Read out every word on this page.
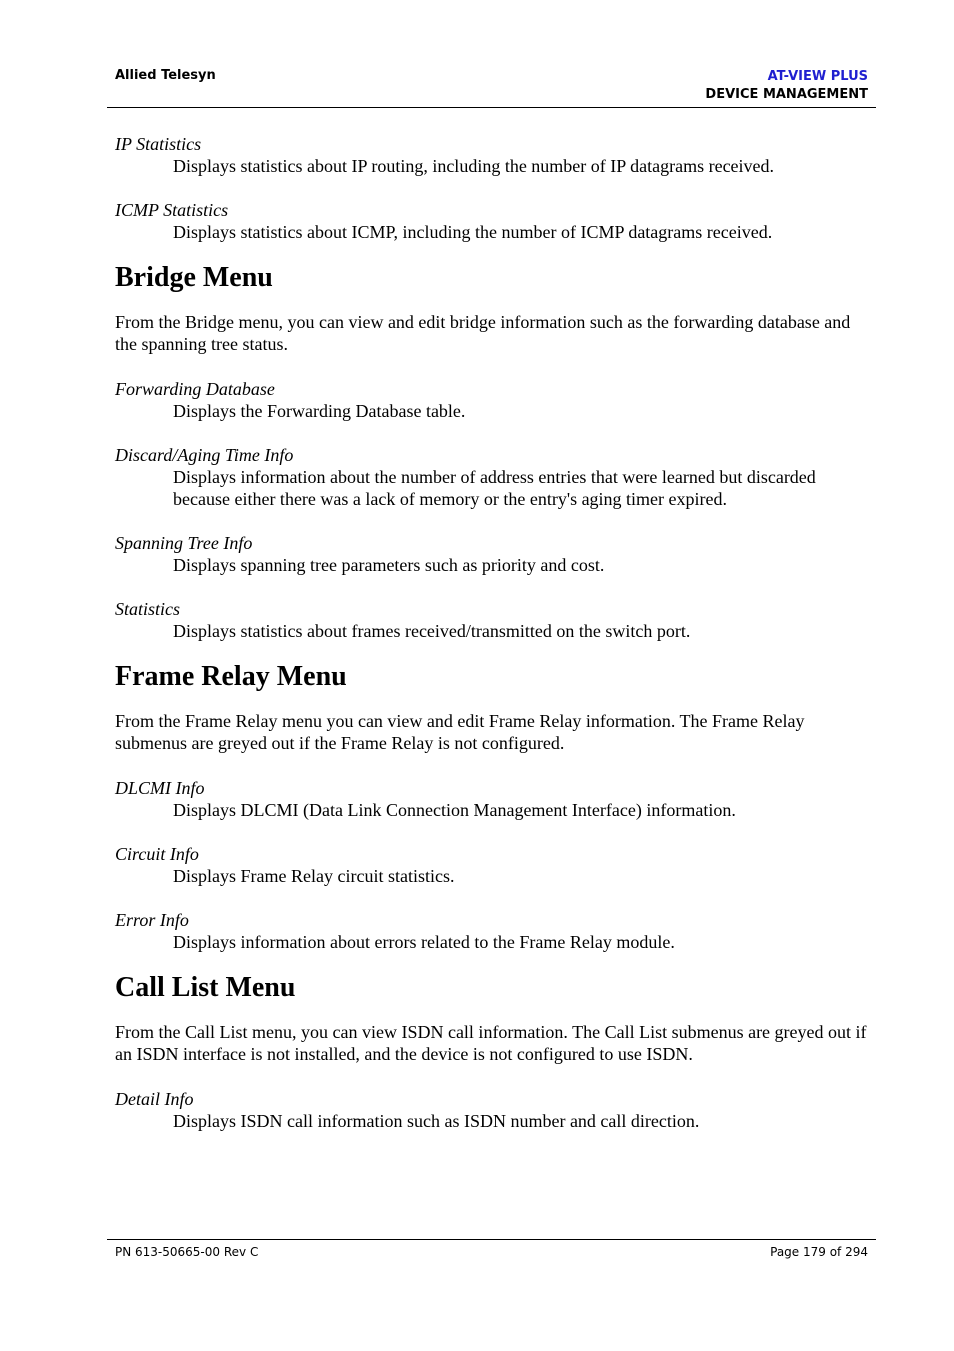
Allied Telesyn	AT-VIEW PLUS
DEVICE MANAGEMENT

IP Statistics

Displays statistics about IP routing, including the number of IP datagrams received.

ICMP Statistics

Displays statistics about ICMP, including the number of ICMP datagrams received.

Bridge Menu

From the Bridge menu, you can view and edit bridge information such as the forwarding database and the spanning tree status.

Forwarding Database

Displays the Forwarding Database table.

Discard/Aging Time Info

Displays information about the number of address entries that were learned but discarded because either there was a lack of memory or the entry's aging timer expired.

Spanning Tree Info

Displays spanning tree parameters such as priority and cost.

Statistics

Displays statistics about frames received/transmitted on the switch port.

Frame Relay Menu

From the Frame Relay menu you can view and edit Frame Relay information. The Frame Relay submenus are greyed out if the Frame Relay is not configured.

DLCMI Info

Displays DLCMI (Data Link Connection Management Interface) information.

Circuit Info

Displays Frame Relay circuit statistics.

Error Info

Displays information about errors related to the Frame Relay module.

Call List Menu

From the Call List menu, you can view ISDN call information. The Call List submenus are greyed out if an ISDN interface is not installed, and the device is not configured to use ISDN.

Detail Info

Displays ISDN call information such as ISDN number and call direction.

PN 613-50665-00 Rev C	Page 179 of 294
